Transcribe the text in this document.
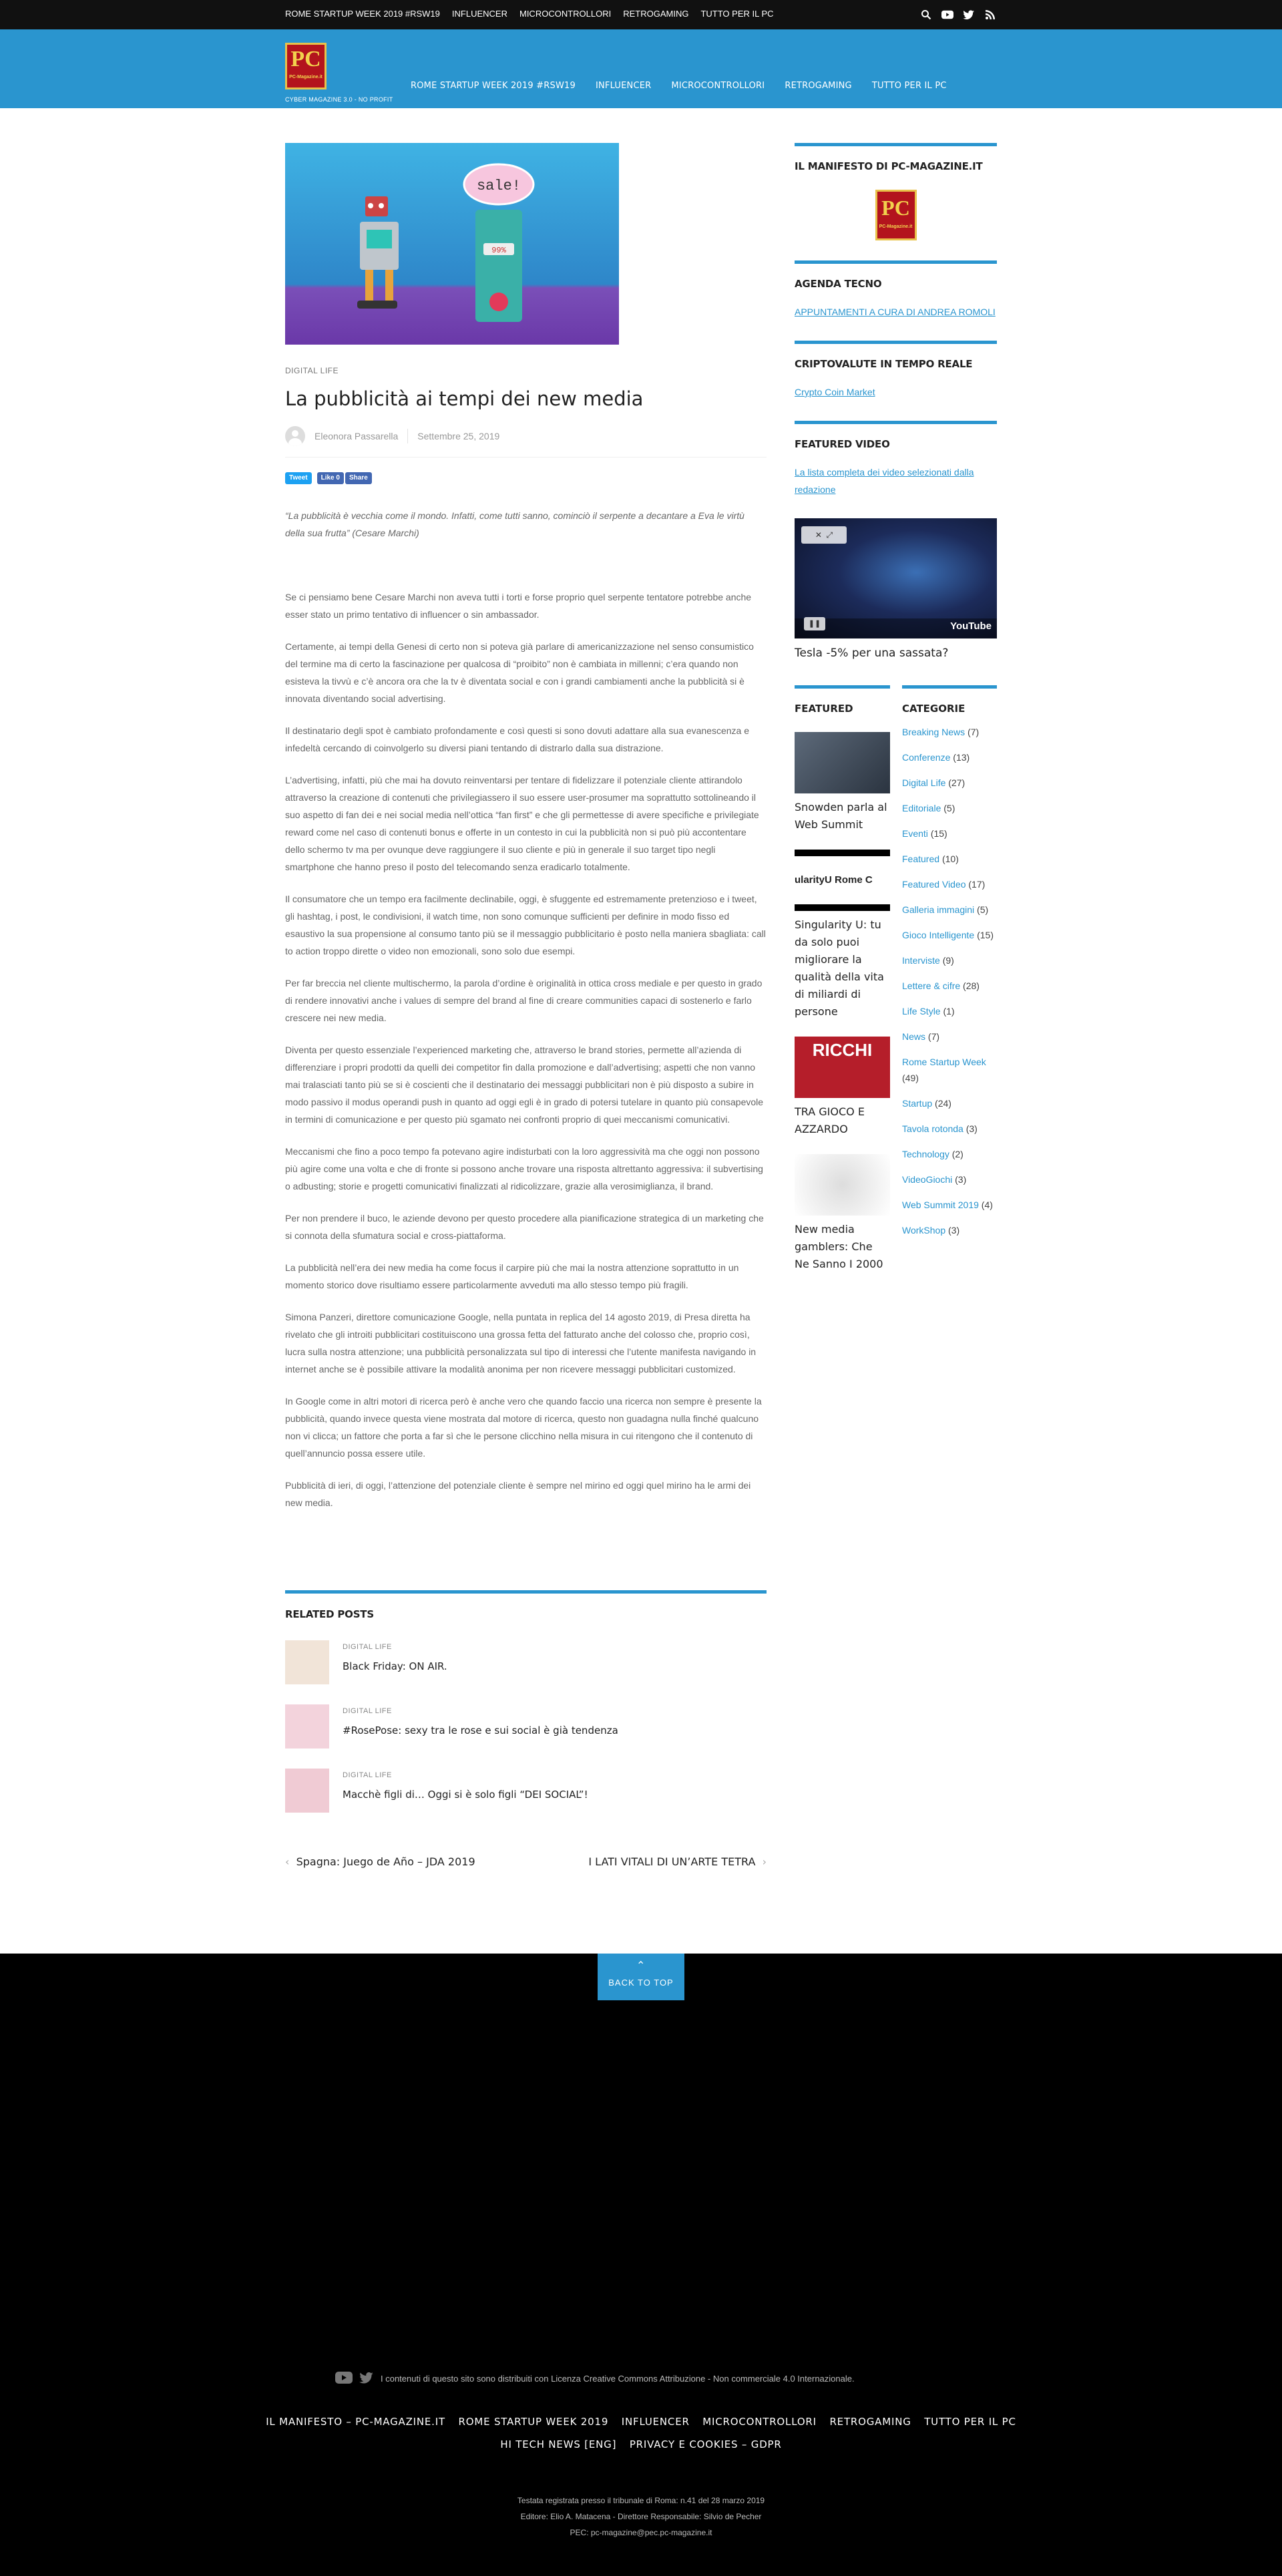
ROME STARTUP WEEK 2019 #RSW19 INFLUENCER MICROCONTROLLORI RETROGAMING TUTTO PER IL PC
PC
PC-Magazine.it
CYBER MAGAZINE 3.0 - NO PROFIT
ROME STARTUP WEEK 2019 #RSW19 INFLUENCER MICROCONTROLLORI RETROGAMING TUTTO PER IL PC
99%
sale!
DIGITAL LIFE
La pubblicità ai tempi dei new media
Eleonora Passarella Settembre 25, 2019
Tweet	Like 0	Share

“La pubblicità è vecchia come il mondo. Infatti, come tutti sanno, cominciò il serpente a decantare a Eva le virtù della sua frutta” (Cesare Marchi)

Se ci pensiamo bene Cesare Marchi non aveva tutti i torti e forse proprio quel serpente tentatore potrebbe anche esser stato un primo tentativo di influencer o sin ambassador.

Certamente, ai tempi della Genesi di certo non si poteva già parlare di americanizzazione nel senso consumistico del termine ma di certo la fascinazione per qualcosa di “proibito” non è cambiata in millenni; c’era quando non esisteva la tivvù e c’è ancora ora che la tv è diventata social e con i grandi cambiamenti anche la pubblicità si è innovata diventando social advertising.

Il destinatario degli spot è cambiato profondamente e così questi si sono dovuti adattare alla sua evanescenza e infedeltà cercando di coinvolgerlo su diversi piani tentando di distrarlo dalla sua distrazione.

L’advertising, infatti, più che mai ha dovuto reinventarsi per tentare di fidelizzare il potenziale cliente attirandolo attraverso la creazione di contenuti che privilegiassero il suo essere user-prosumer ma soprattutto sottolineando il suo aspetto di fan dei e nei social media nell’ottica “fan first” e che gli permettesse di avere specifiche e privilegiate reward come nel caso di contenuti bonus e offerte in un contesto in cui la pubblicità non si può più accontentare dello schermo tv ma per ovunque deve raggiungere il suo cliente e più in generale il suo target tipo negli smartphone che hanno preso il posto del telecomando senza eradicarlo totalmente.

Il consumatore che un tempo era facilmente declinabile, oggi, è sfuggente ed estremamente pretenzioso e i tweet, gli hashtag, i post, le condivisioni, il watch time, non sono comunque sufficienti per definire in modo fisso ed esaustivo la sua propensione al consumo tanto più se il messaggio pubblicitario è posto nella maniera sbagliata: call to action troppo dirette o video non emozionali, sono solo due esempi.

Per far breccia nel cliente multischermo, la parola d’ordine è originalità in ottica cross mediale e per questo in grado di rendere innovativi anche i values di sempre del brand al fine di creare communities capaci di sostenerlo e farlo crescere nei new media.

Diventa per questo essenziale l’experienced marketing che, attraverso le brand stories, permette all’azienda di differenziare i propri prodotti da quelli dei competitor fin dalla promozione e dall’advertising; aspetti che non vanno mai tralasciati tanto più se si è coscienti che il destinatario dei messaggi pubblicitari non è più disposto a subire in modo passivo il modus operandi push in quanto ad oggi egli è in grado di potersi tutelare in quanto più consapevole in termini di comunicazione e per questo più sgamato nei confronti proprio di quei meccanismi comunicativi.

Meccanismi che fino a poco tempo fa potevano agire indisturbati con la loro aggressività ma che oggi non possono più agire come una volta e che di fronte si possono anche trovare una risposta altrettanto aggressiva: il subvertising o adbusting; storie e progetti comunicativi finalizzati al ridicolizzare, grazie alla verosimiglianza, il brand.

Per non prendere il buco, le aziende devono per questo procedere alla pianificazione strategica di un marketing che si connota della sfumatura social e cross-piattaforma.

La pubblicità nell’era dei new media ha come focus il carpire più che mai la nostra attenzione soprattutto in un momento storico dove risultiamo essere particolarmente avveduti ma allo stesso tempo più fragili.

Simona Panzeri, direttore comunicazione Google, nella puntata in replica del 14 agosto 2019, di Presa diretta ha rivelato che gli introiti pubblicitari costituiscono una grossa fetta del fatturato anche del colosso che, proprio così, lucra sulla nostra attenzione; una pubblicità personalizzata sul tipo di interessi che l’utente manifesta navigando in internet anche se è possibile attivare la modalità anonima per non ricevere messaggi pubblicitari customized.

In Google come in altri motori di ricerca però è anche vero che quando faccio una ricerca non sempre è presente la pubblicità, quando invece questa viene mostrata dal motore di ricerca, questo non guadagna nulla finché qualcuno non vi clicca; un fattore che porta a far sì che le persone clicchino nella misura in cui ritengono che il contenuto di quell’annuncio possa essere utile.

Pubblicità di ieri, di oggi, l’attenzione del potenziale cliente è sempre nel mirino ed oggi quel mirino ha le armi dei new media.

RELATED POSTS
DIGITAL LIFE
Black Friday: ON AIR.
DIGITAL LIFE
#RosePose: sexy tra le rose e sui social è già tendenza
DIGITAL LIFE
Macchè figli di… Oggi si è solo figli “DEI SOCIAL”!
‹  Spagna: Juego de Año – JDA 2019	I LATI VITALI DI UN’ARTE TETRA  ›
IL MANIFESTO DI PC-MAGAZINE.IT
PC
PC-Magazine.it
AGENDA TECNO
APPUNTAMENTI A CURA DI ANDREA ROMOLI
CRIPTOVALUTE IN TEMPO REALE
Crypto Coin Market
FEATURED VIDEO
La lista completa dei video selezionati dalla redazione
✕  ⤢
❚❚	YouTube
Tesla -5% per una sassata?
FEATURED
Snowden parla al Web Summit
ularityU Rome C
Singularity U: tu da solo puoi migliorare la qualità della vita di miliardi di persone
RICCHI
TRA GIOCO E AZZARDO
New media gamblers: Che Ne Sanno I 2000
CATEGORIE
Breaking News (7)
Conferenze (13)
Digital Life (27)
Editoriale (5)
Eventi (15)
Featured (10)
Featured Video (17)
Galleria immagini (5)
Gioco Intelligente (15)
Interviste (9)
Lettere & cifre (28)
Life Style (1)
News (7)
Rome Startup Week (49)
Startup (24)
Tavola rotonda (3)
Technology (2)
VideoGiochi (3)
Web Summit 2019 (4)
WorkShop (3)
⌃ BACK TO TOP
I contenuti di questo sito sono distribuiti con Licenza Creative Commons Attribuzione - Non commerciale 4.0 Internazionale.
IL MANIFESTO – PC-MAGAZINE.IT ROME STARTUP WEEK 2019 INFLUENCER MICROCONTROLLORI RETROGAMING TUTTO PER IL PC
HI TECH NEWS [ENG] PRIVACY E COOKIES – GDPR
Testata registrata presso il tribunale di Roma: n.41 del 28 marzo 2019
Editore: Elio A. Matacena - Direttore Responsabile: Silvio de Pecher
PEC: pc-magazine@pec.pc-magazine.it
